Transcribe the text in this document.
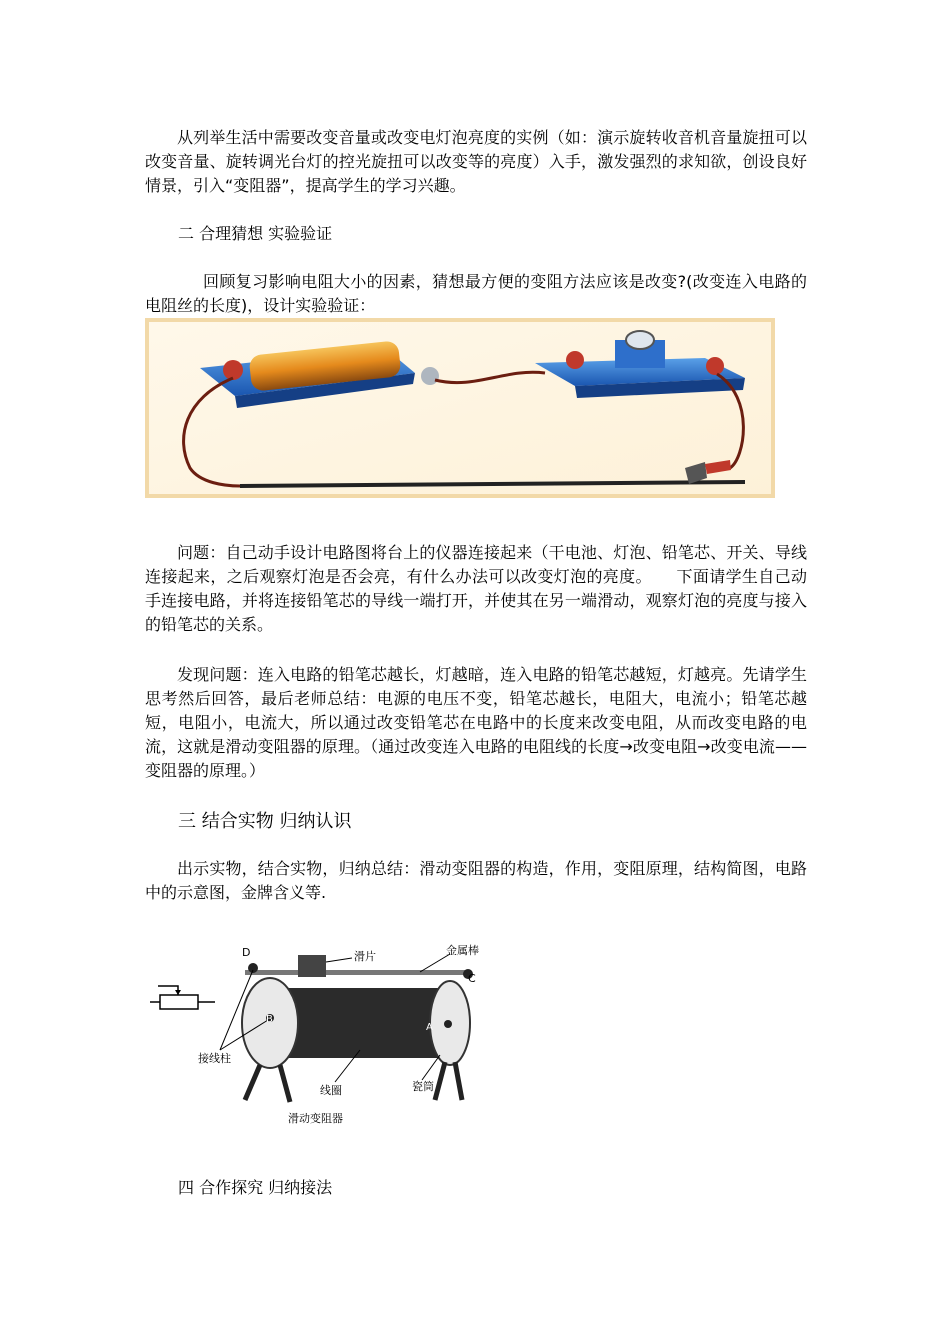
从列举生活中需要改变音量或改变电灯泡亮度的实例（如：演示旋转收音机音量旋扭可以改变音量、旋转调光台灯的控光旋扭可以改变等的亮度）入手，激发强烈的求知欲，创设良好情景，引入“变阻器”，提高学生的学习兴趣。

二 合理猜想 实验验证

回顾复习影响电阻大小的因素，猜想最方便的变阻方法应该是改变?(改变连入电路的电阻丝的长度)，设计实验验证：

问题：自己动手设计电路图将台上的仪器连接起来（干电池、灯泡、铅笔芯、开关、导线连接起来，之后观察灯泡是否会亮，有什么办法可以改变灯泡的亮度。　　下面请学生自己动手连接电路，并将连接铅笔芯的导线一端打开，并使其在另一端滑动，观察灯泡的亮度与接入的铅笔芯的关系。

发现问题：连入电路的铅笔芯越长，灯越暗，连入电路的铅笔芯越短，灯越亮。先请学生思考然后回答，最后老师总结：电源的电压不变，铅笔芯越长，电阻大，电流小；铅笔芯越短，电阻小，电流大，所以通过改变铅笔芯在电路中的长度来改变电阻，从而改变电路的电流，这就是滑动变阻器的原理。（通过改变连入电路的电阻线的长度→改变电阻→改变电流——变阻器的原理。）

三 结合实物 归纳认识

出示实物，结合实物，归纳总结：滑动变阻器的构造，作用，变阻原理，结构简图，电路中的示意图，金牌含义等.

滑片	金属棒
D
C
B
A
接线柱
线圈	瓷筒
滑动变阻器

四 合作探究 归纳接法
